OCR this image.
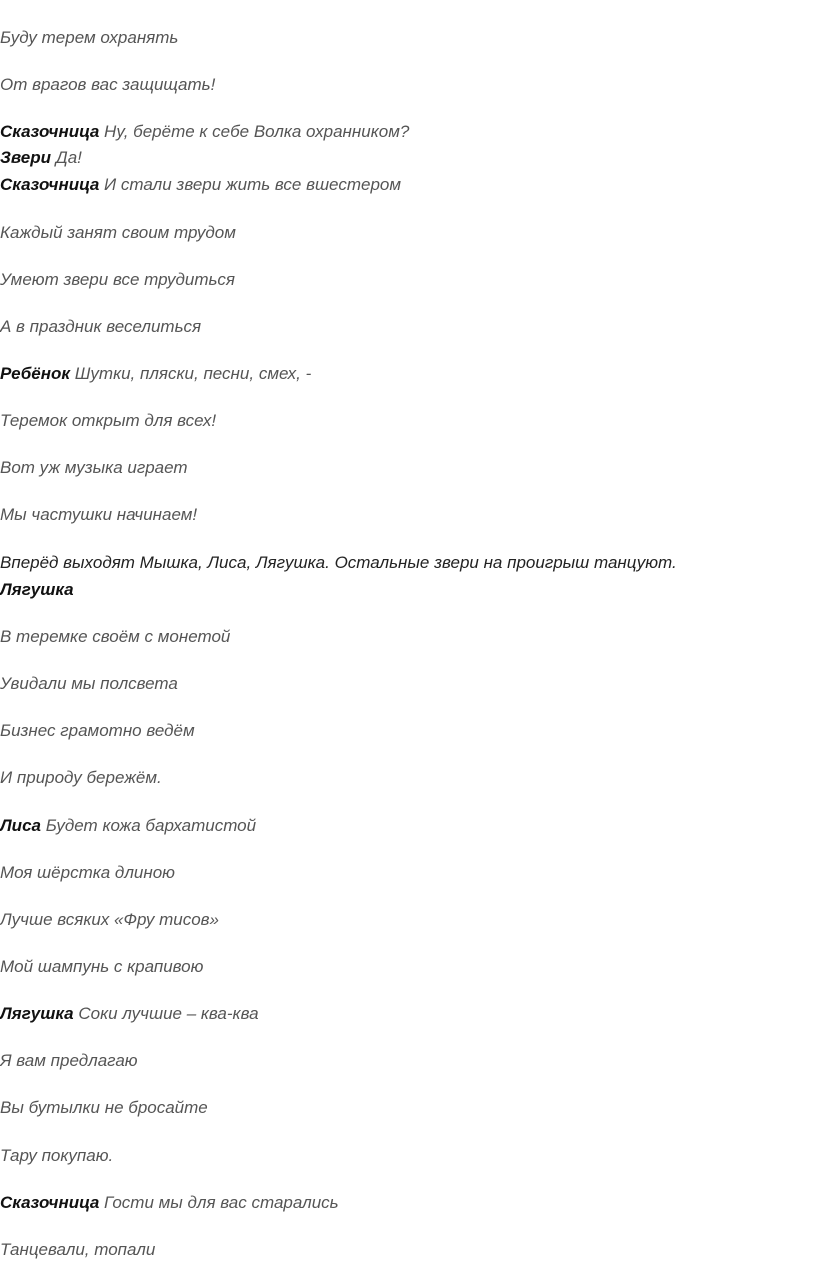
Буду терем охранять
От врагов вас защищать!
Сказочница Ну, берёте к себе Волка охранником?
Звери Да!
Сказочница И стали звери жить все вшестером
Каждый занят своим трудом
Умеют звери все трудиться
А в праздник веселиться
Ребёнок Шутки, пляски, песни, смех, -
Теремок открыт для всех!
Вот уж музыка играет
Мы частушки начинаем!
Вперёд выходят Мышка, Лиса, Лягушка. Остальные звери на проигрыш танцуют.
Лягушка
В теремке своём с монетой
Увидали мы полсвета
Бизнес грамотно ведём
И природу бережём.
Лиса Будет кожа бархатистой
Моя шёрстка длиною
Лучше всяких «Фру тисов»
Мой шампунь с крапивою
Лягушка Соки лучшие – ква-ква
Я вам предлагаю
Вы бутылки не бросайте
Тару покупаю.
Сказочница Гости мы для вас старались
Танцевали, топали
